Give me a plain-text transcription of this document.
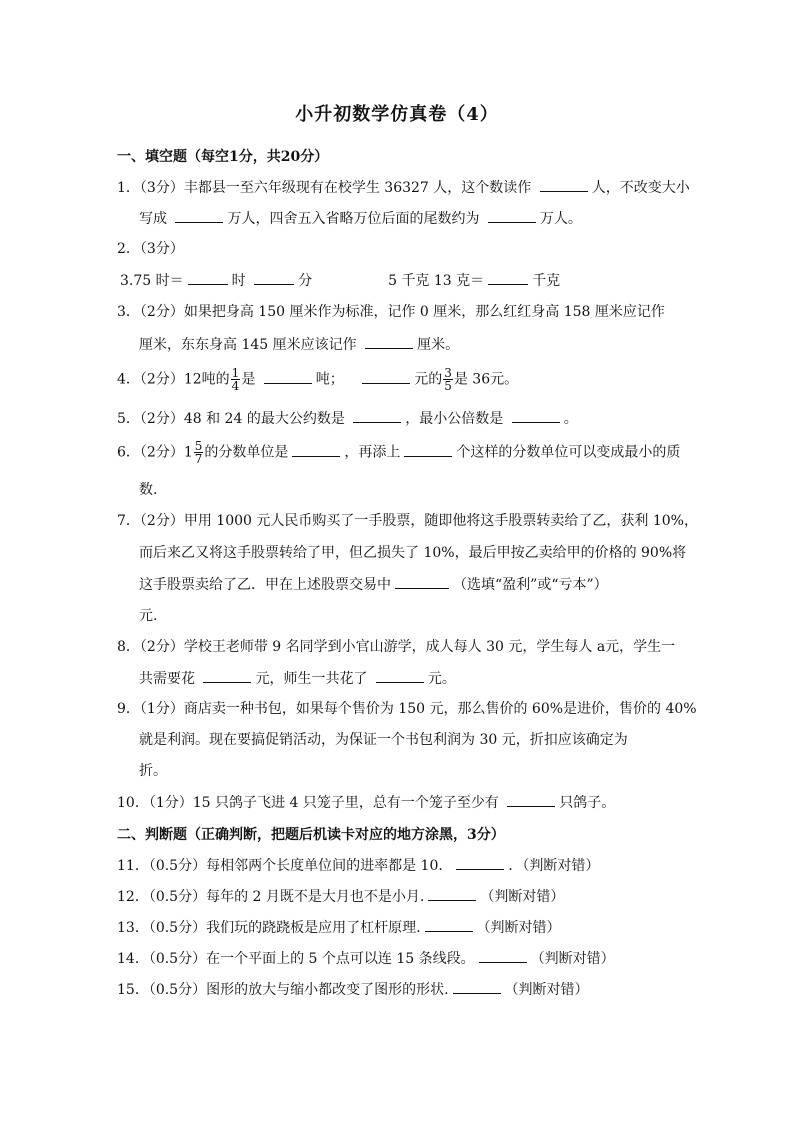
小升初数学仿真卷（4）
一、填空题（每空1分，共20分）
1．（3分）丰都县一至六年级现有在校学生 36327 人，这个数读作	人，不改变大小
写成	万人，四舍五入省略万位后面的尾数约为	万人。
2．（3分）
3.75 时＝	时	分	5 千克 13 克＝	千克
3．（2分）如果把身高 150 厘米作为标准，记作 0 厘米，那么红红身高 158 厘米应记作
厘米，东东身高 145 厘米应该记作	厘米。
4．（2分）12吨的 $\frac{1}{4}$ 是	吨；	元的 $\frac{3}{5}$ 是 36元。
5．（2分）48 和 24 的最大公约数是	，最小公倍数是	。
6．（2分）$1 \frac{5}{7}$ 的分数单位是	，再添上	个这样的分数单位可以变成最小的质
数.
7．（2分）甲用 1000 元人民币购买了一手股票，随即他将这手股票转卖给了乙，获利 10%，
而后来乙又将这手股票转给了甲，但乙损失了 10%，最后甲按乙卖给甲的价格的 90%将
这手股票卖给了乙．甲在上述股票交易中	（选填“盈利”或“亏本”）
元.
8．（2分）学校王老师带 9 名同学到小官山游学，成人每人 30 元，学生每人 a元，学生一
共需要花	元，师生一共花了	元。
9．（1分）商店卖一种书包，如果每个售价为 150 元，那么售价的 60%是进价，售价的 40%
就是利润。现在要搞促销活动，为保证一个书包利润为 30 元，折扣应该确定为
折。
10．（1分）15 只鸽子飞进 4 只笼子里，总有一个笼子至少有	只鸽子。
二、判断题（正确判断，把题后机读卡对应的地方涂黑，3分）
11．（0.5分）每相邻两个长度单位间的进率都是 10．	．（判断对错）
12．（0.5分）每年的 2 月既不是大月也不是小月.	（判断对错）
13．（0.5分）我们玩的跷跷板是应用了杠杆原理.	（判断对错）
14．（0.5分）在一个平面上的 5 个点可以连 15 条线段。	（判断对错）
15．（0.5分）图形的放大与缩小都改变了图形的形状.	（判断对错）
